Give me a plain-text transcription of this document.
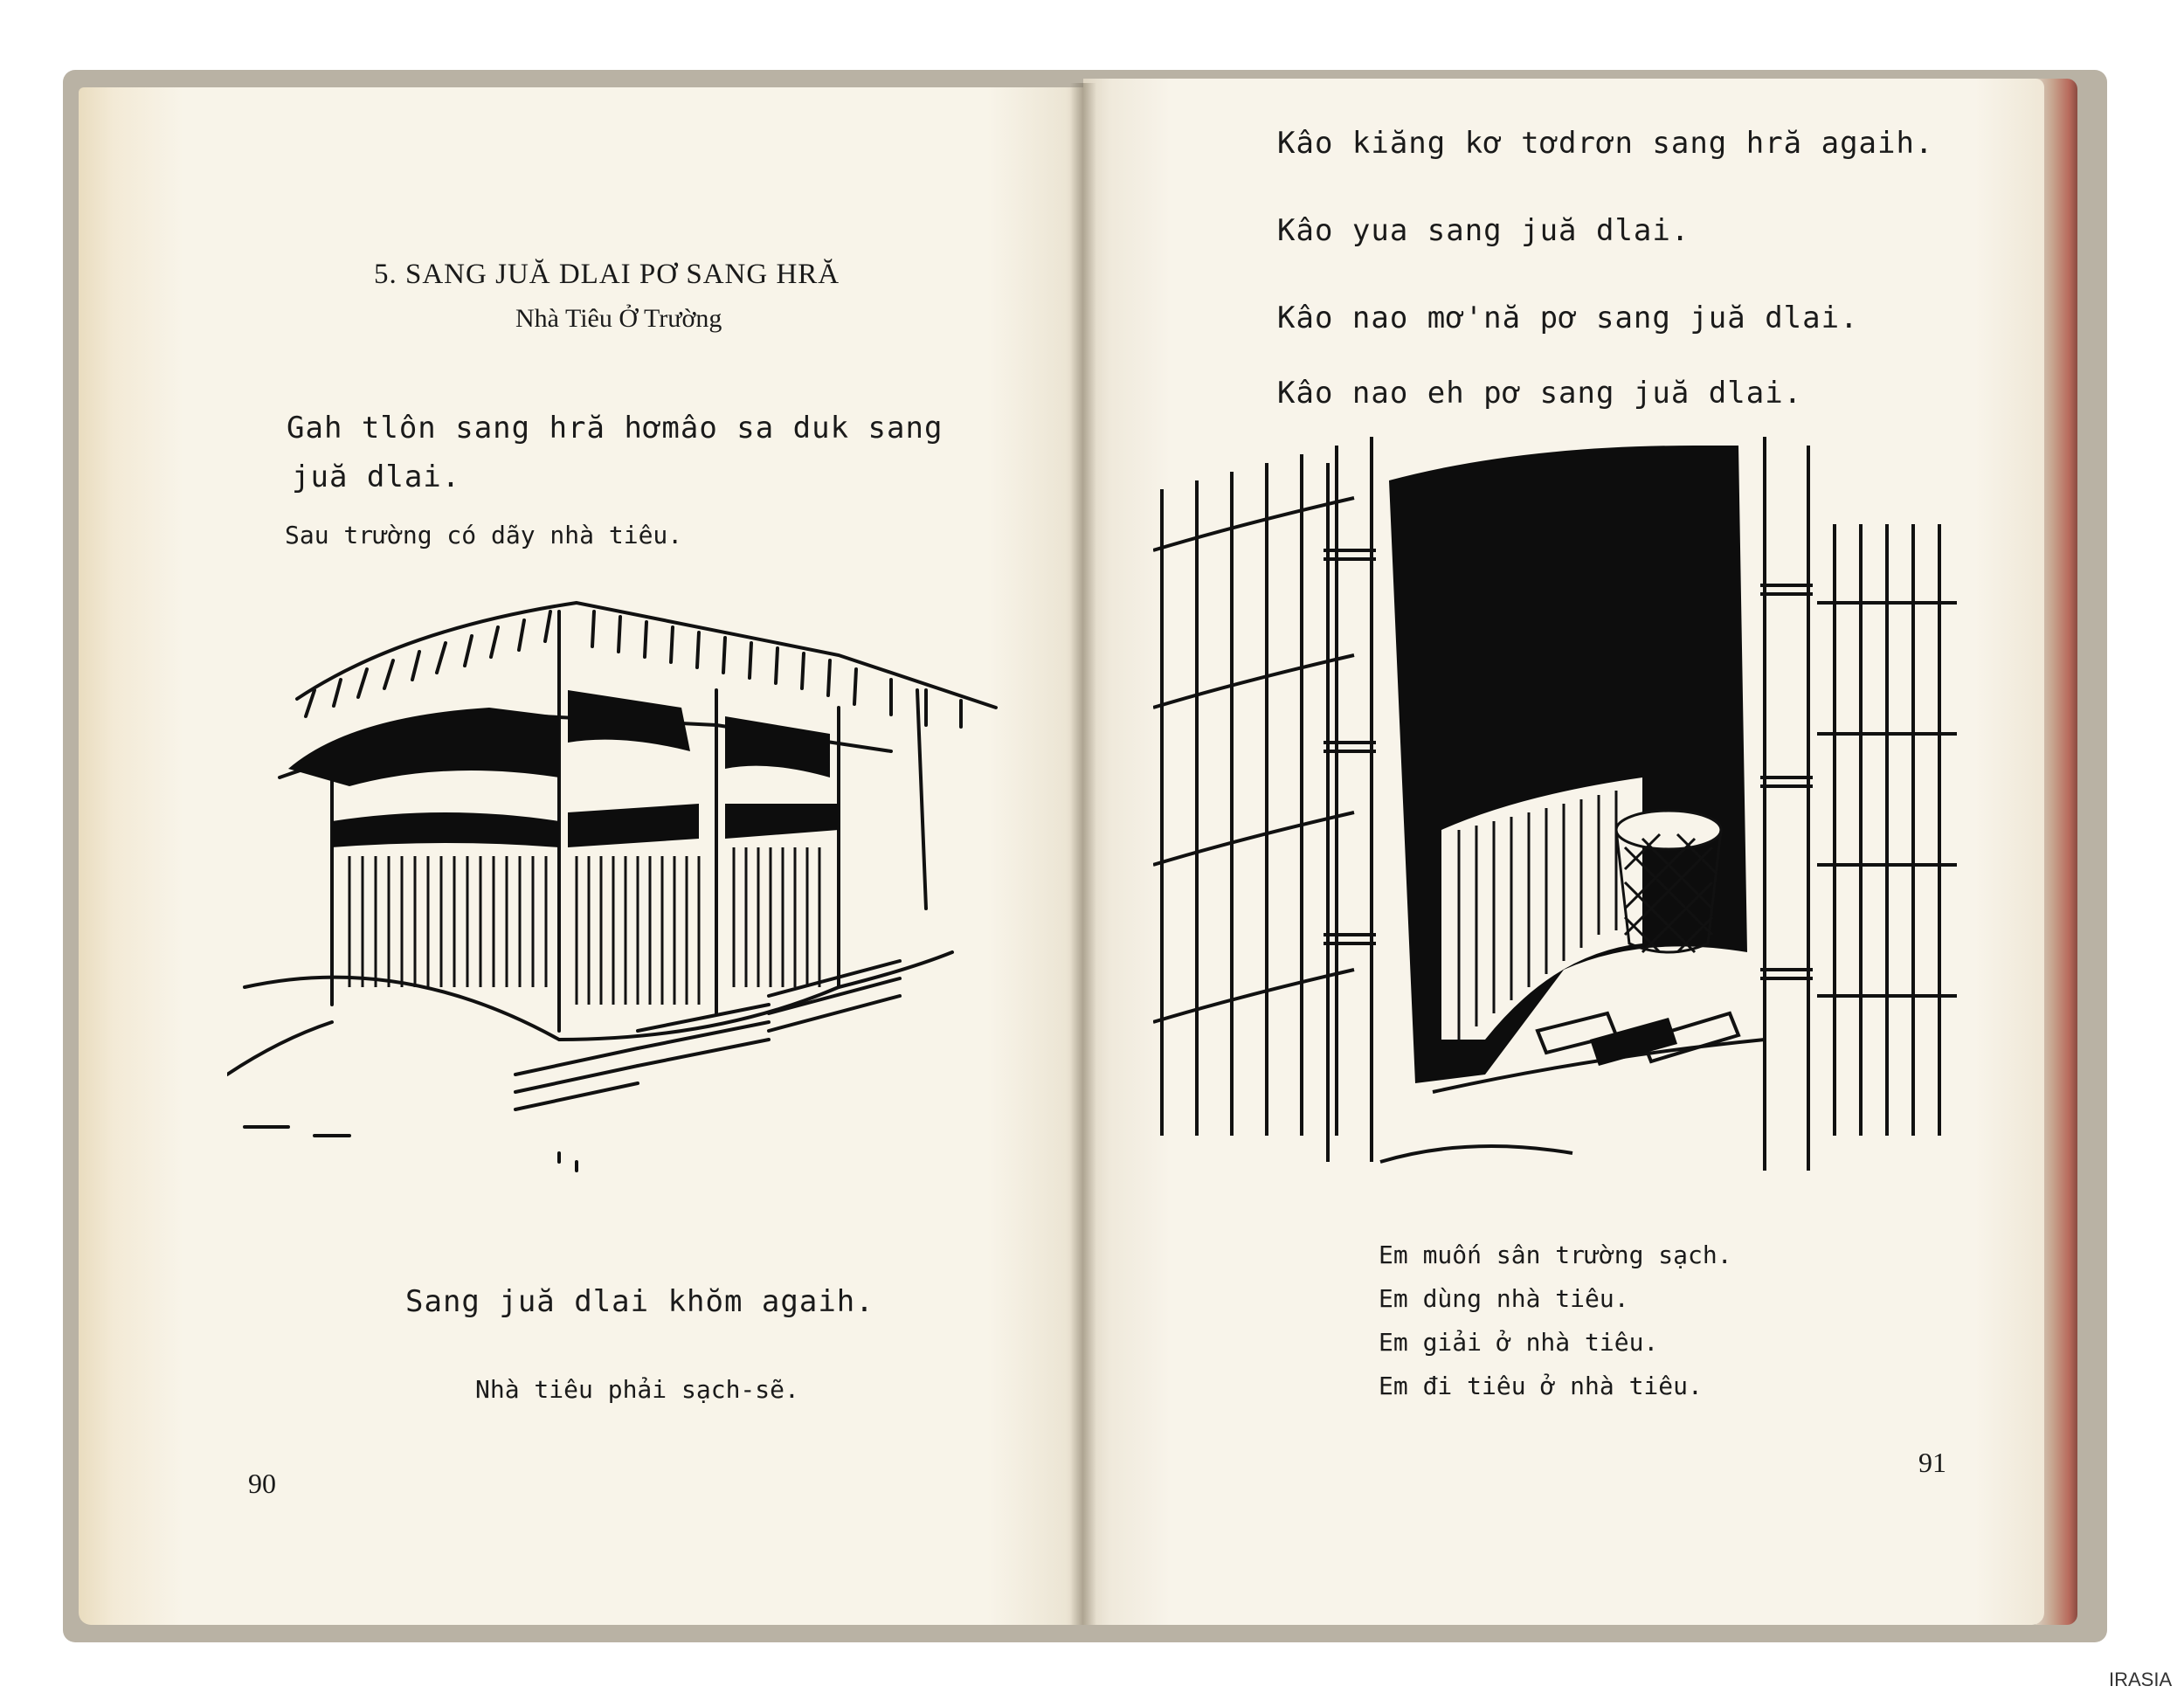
5. SANG JUĂ DLAI PƠ SANG HRĂ
Nhà Tiêu Ở Trường
Gah tlôn sang hră hơmâo sa duk sang
juă dlai.
Sau trường có dãy nhà tiêu.
Sang juă dlai khŏm agaih.
Nhà tiêu phải sạch-sẽ.
90
Kâo kiăng kơ tơdrơn sang hră agaih.
Kâo yua sang juă dlai.
Kâo nao mơ'nă pơ sang juă dlai.
Kâo nao eh pơ sang juă dlai.
Em muốn sân trường sạch.
Em dùng nhà tiêu.
Em giải ở nhà tiêu.
Em đi tiêu ở nhà tiêu.
91
IRASIA
